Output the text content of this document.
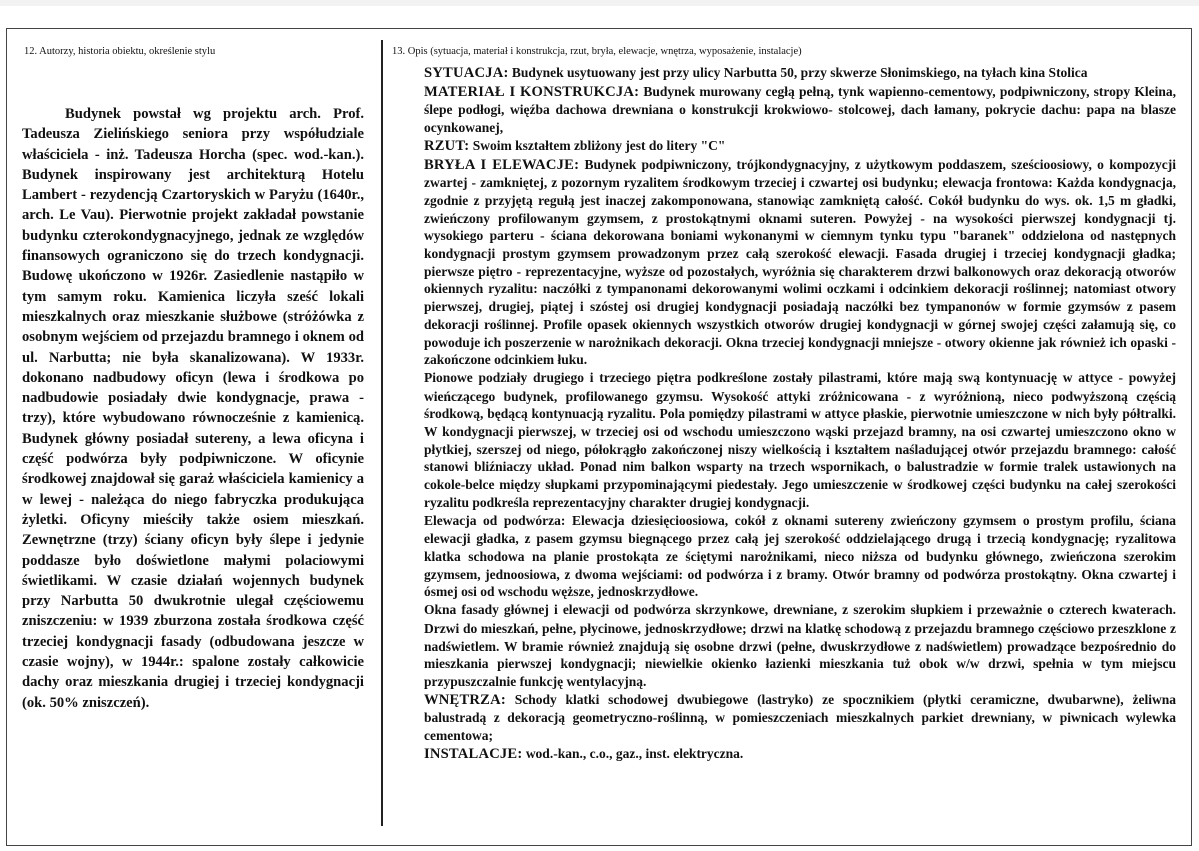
12. Autorzy, historia obiektu, określenie stylu	13. Opis (sytuacja, materiał i konstrukcja, rzut, bryła, elewacje, wnętrza, wyposażenie, instalacje)

Budynek powstał wg projektu arch. Prof. Tadeusza Zielińskiego seniora przy współudziale właściciela - inż. Tadeusza Horcha (spec. wod.-kan.). Budynek inspirowany jest architekturą Hotelu Lambert - rezydencją Czartoryskich w Paryżu (1640r., arch. Le Vau). Pierwotnie projekt zakładał powstanie budynku czterokondygnacyjnego, jednak ze względów finansowych ograniczono się do trzech kondygnacji. Budowę ukończono w 1926r. Zasiedlenie nastąpiło w tym samym roku. Kamienica liczyła sześć lokali mieszkalnych oraz mieszkanie służbowe (stróżówka z osobnym wejściem od przejazdu bramnego i oknem od ul. Narbutta; nie była skanalizowana). W 1933r. dokonano nadbudowy oficyn (lewa i środkowa po nadbudowie posiadały dwie kondygnacje, prawa - trzy), które wybudowano równocześnie z kamienicą. Budynek główny posiadał sutereny, a lewa oficyna i część podwórza były podpiwniczone. W oficynie środkowej znajdował się garaż właściciela kamienicy a w lewej - należąca do niego fabryczka produkująca żyletki. Oficyny mieściły także osiem mieszkań. Zewnętrzne (trzy) ściany oficyn były ślepe i jedynie poddasze było doświetlone małymi polaciowymi świetlikami. W czasie działań wojennych budynek przy Narbutta 50 dwukrotnie ulegał częściowemu zniszczeniu: w 1939 zburzona została środkowa część trzeciej kondygnacji fasady (odbudowana jeszcze w czasie wojny), w 1944r.: spalone zostały całkowicie dachy oraz mieszkania drugiej i trzeciej kondygnacji (ok. 50% zniszczeń).

SYTUACJA: Budynek usytuowany jest przy ulicy Narbutta 50, przy skwerze Słonimskiego, na tyłach kina Stolica

MATERIAŁ I KONSTRUKCJA: Budynek murowany cegłą pełną, tynk wapienno-cementowy, podpiwniczony, stropy Kleina, ślepe podłogi, więźba dachowa drewniana o konstrukcji krokwiowo- stolcowej, dach łamany, pokrycie dachu: papa na blasze ocynkowanej,

RZUT: Swoim kształtem zbliżony jest do litery "C"

BRYŁA I ELEWACJE: Budynek podpiwniczony, trójkondygnacyjny, z użytkowym poddaszem, sześcioosiowy, o kompozycji zwartej - zamkniętej, z pozornym ryzalitem środkowym trzeciej i czwartej osi budynku; elewacja frontowa: Każda kondygnacja, zgodnie z przyjętą regułą jest inaczej zakomponowana, stanowiąc zamkniętą całość. Cokół budynku do wys. ok. 1,5 m gładki, zwieńczony profilowanym gzymsem, z prostokątnymi oknami suteren. Powyżej - na wysokości pierwszej kondygnacji tj. wysokiego parteru - ściana dekorowana boniami wykonanymi w ciemnym tynku typu "baranek" oddzielona od następnych kondygnacji prostym gzymsem prowadzonym przez całą szerokość elewacji. Fasada drugiej i trzeciej kondygnacji gładka; pierwsze piętro - reprezentacyjne, wyższe od pozostałych, wyróżnia się charakterem drzwi balkonowych oraz dekoracją otworów okiennych ryzalitu: naczółki z tympanonami dekorowanymi wolimi oczkami i odcinkiem dekoracji roślinnej; natomiast otwory pierwszej, drugiej, piątej i szóstej osi drugiej kondygnacji posiadają naczółki bez tympanonów w formie gzymsów z pasem dekoracji roślinnej. Profile opasek okiennych wszystkich otworów drugiej kondygnacji w górnej swojej części załamują się, co powoduje ich poszerzenie w narożnikach dekoracji. Okna trzeciej kondygnacji mniejsze - otwory okienne jak również ich opaski - zakończone odcinkiem łuku.

Pionowe podziały drugiego i trzeciego piętra podkreślone zostały pilastrami, które mają swą kontynuację w attyce - powyżej wieńczącego budynek, profilowanego gzymsu. Wysokość attyki zróżnicowana - z wyróżnioną, nieco podwyższoną częścią środkową, będącą kontynuacją ryzalitu. Pola pomiędzy pilastrami w attyce płaskie, pierwotnie umieszczone w nich były półtralki. W kondygnacji pierwszej, w trzeciej osi od wschodu umieszczono wąski przejazd bramny, na osi czwartej umieszczono okno w płytkiej, szerszej od niego, półokrągło zakończonej niszy wielkością i kształtem naśladującej otwór przejazdu bramnego: całość stanowi bliźniaczy układ. Ponad nim balkon wsparty na trzech wspornikach, o balustradzie w formie tralek ustawionych na cokole-belce między słupkami przypominającymi piedestały. Jego umieszczenie w środkowej części budynku na całej szerokości ryzalitu podkreśla reprezentacyjny charakter drugiej kondygnacji.

Elewacja od podwórza: Elewacja dziesięcioosiowa, cokół z oknami sutereny zwieńczony gzymsem o prostym profilu, ściana elewacji gładka, z pasem gzymsu biegnącego przez całą jej szerokość oddzielającego drugą i trzecią kondygnację; ryzalitowa klatka schodowa na planie prostokąta ze ściętymi narożnikami, nieco niższa od budynku głównego, zwieńczona szerokim gzymsem, jednoosiowa, z dwoma wejściami: od podwórza i z bramy. Otwór bramny od podwórza prostokątny. Okna czwartej i ósmej osi od wschodu węższe, jednoskrzydłowe.

Okna fasady głównej i elewacji od podwórza skrzynkowe, drewniane, z szerokim słupkiem i przeważnie o czterech kwaterach. Drzwi do mieszkań, pełne, płycinowe, jednoskrzydłowe; drzwi na klatkę schodową z przejazdu bramnego częściowo przeszklone z nadświetlem. W bramie również znajdują się osobne drzwi (pełne, dwuskrzydłowe z nadświetlem) prowadzące bezpośrednio do mieszkania pierwszej kondygnacji; niewielkie okienko łazienki mieszkania tuż obok w/w drzwi, spełnia w tym miejscu przypuszczalnie funkcję wentylacyjną.

WNĘTRZA: Schody klatki schodowej dwubiegowe (lastryko) ze spocznikiem (płytki ceramiczne, dwubarwne), żeliwna balustradą z dekoracją geometryczno-roślinną, w pomieszczeniach mieszkalnych parkiet drewniany, w piwnicach wylewka cementowa;

INSTALACJE: wod.-kan., c.o., gaz., inst. elektryczna.
